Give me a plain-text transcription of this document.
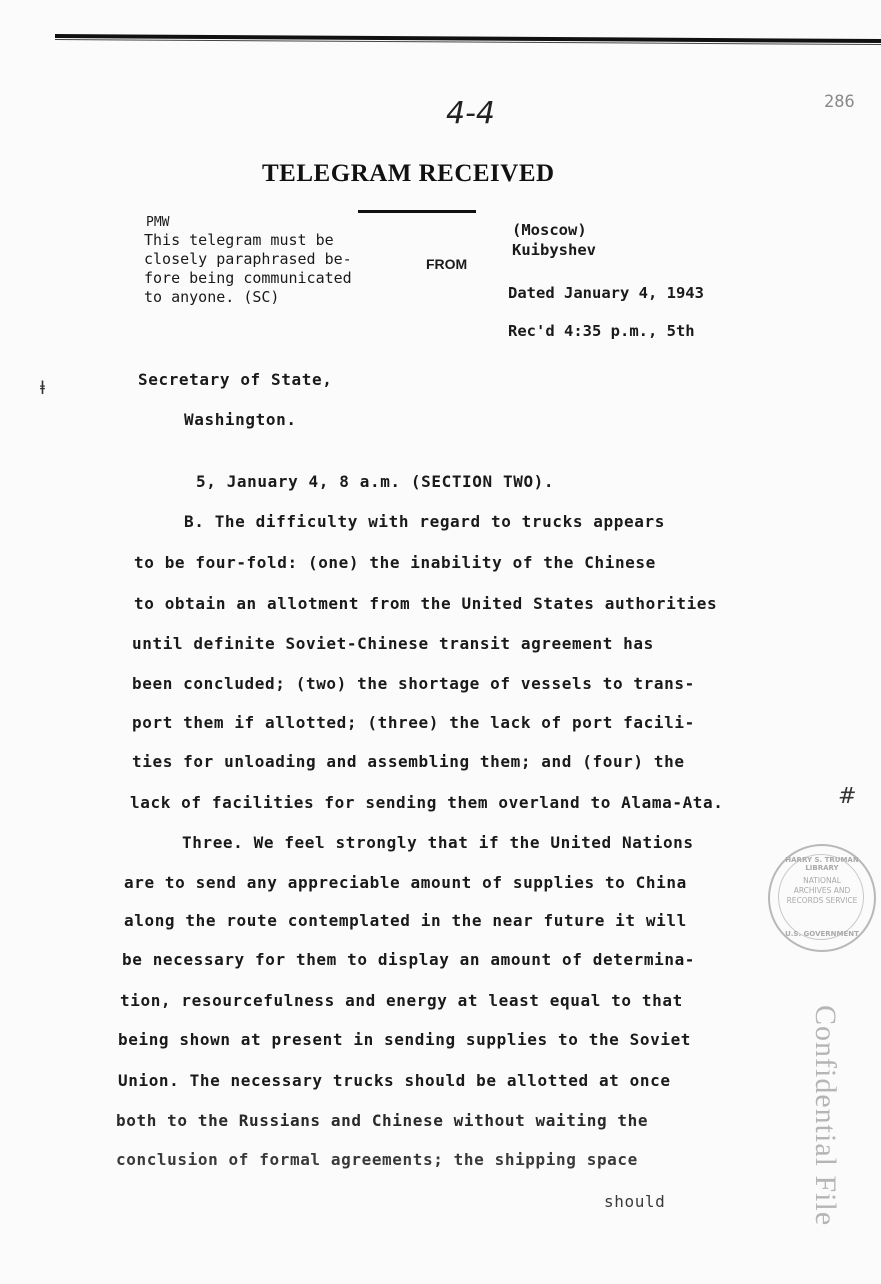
4-4	286
TELEGRAM RECEIVED
PMW
This telegram must be
closely paraphrased be-	FROM
fore being communicated
to anyone. (SC)
(Moscow)
Kuibyshev
Dated January 4, 1943
Rec'd 4:35 p.m., 5th
ⱡ	Secretary of State,
Washington.
5, January 4, 8 a.m. (SECTION TWO).
B. The difficulty with regard to trucks appears
to be four-fold: (one) the inability of the Chinese
to obtain an allotment from the United States authorities
until definite Soviet-Chinese transit agreement has
been concluded; (two) the shortage of vessels to trans-
port them if allotted; (three) the lack of port facili-
ties for unloading and assembling them; and (four) the
lack of facilities for sending them overland to Alama-Ata.	#
Three. We feel strongly that if the United Nations
are to send any appreciable amount of supplies to China
along the route contemplated in the near future it will
be necessary for them to display an amount of determina-
tion, resourcefulness and energy at least equal to that
being shown at present in sending supplies to the Soviet
Union. The necessary trucks should be allotted at once
both to the Russians and Chinese without waiting the
conclusion of formal agreements; the shipping space
should
HARRY S. TRUMAN LIBRARY
NATIONAL ARCHIVES AND RECORDS SERVICE
U.S. GOVERNMENT
Confidential File
